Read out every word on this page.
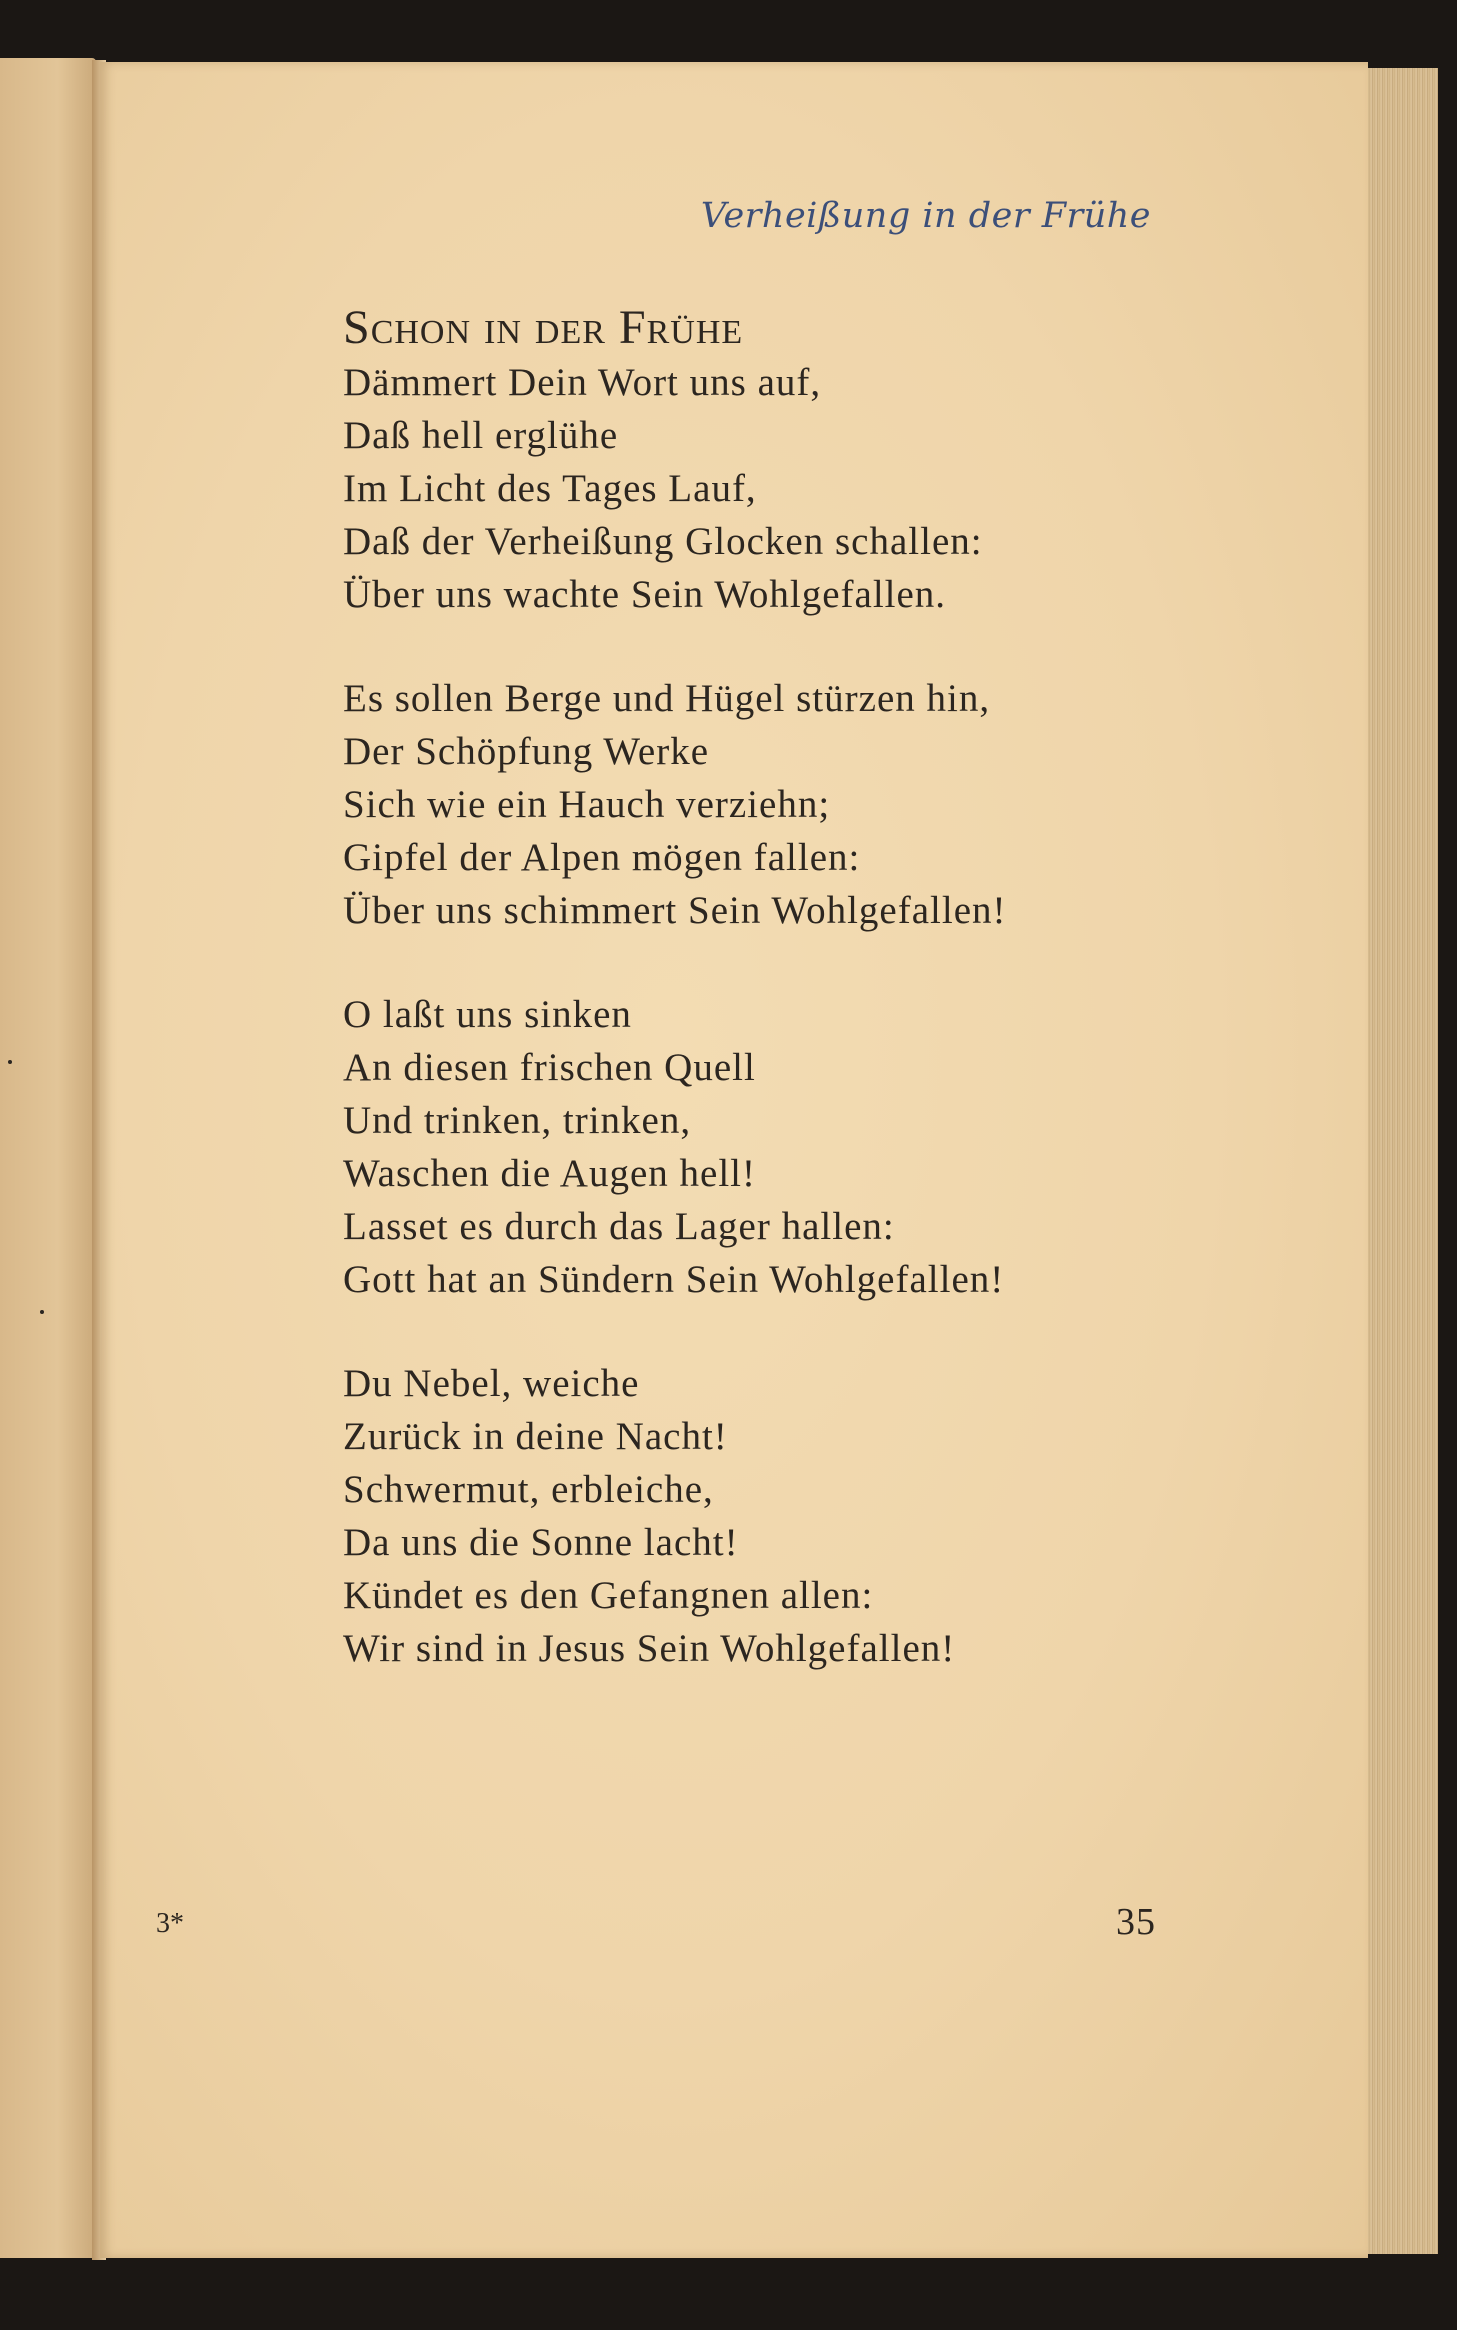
Verheißung in der Frühe

Schon in der Frühe

Dämmert Dein Wort uns auf,

Daß hell erglühe

Im Licht des Tages Lauf,

Daß der Verheißung Glocken schallen:

Über uns wachte Sein Wohlgefallen.

Es sollen Berge und Hügel stürzen hin,

Der Schöpfung Werke

Sich wie ein Hauch verziehn;

Gipfel der Alpen mögen fallen:

Über uns schimmert Sein Wohlgefallen!

O laßt uns sinken

An diesen frischen Quell

Und trinken, trinken,

Waschen die Augen hell!

Lasset es durch das Lager hallen:

Gott hat an Sündern Sein Wohlgefallen!

Du Nebel, weiche

Zurück in deine Nacht!

Schwermut, erbleiche,

Da uns die Sonne lacht!

Kündet es den Gefangnen allen:

Wir sind in Jesus Sein Wohlgefallen!

3*	35
